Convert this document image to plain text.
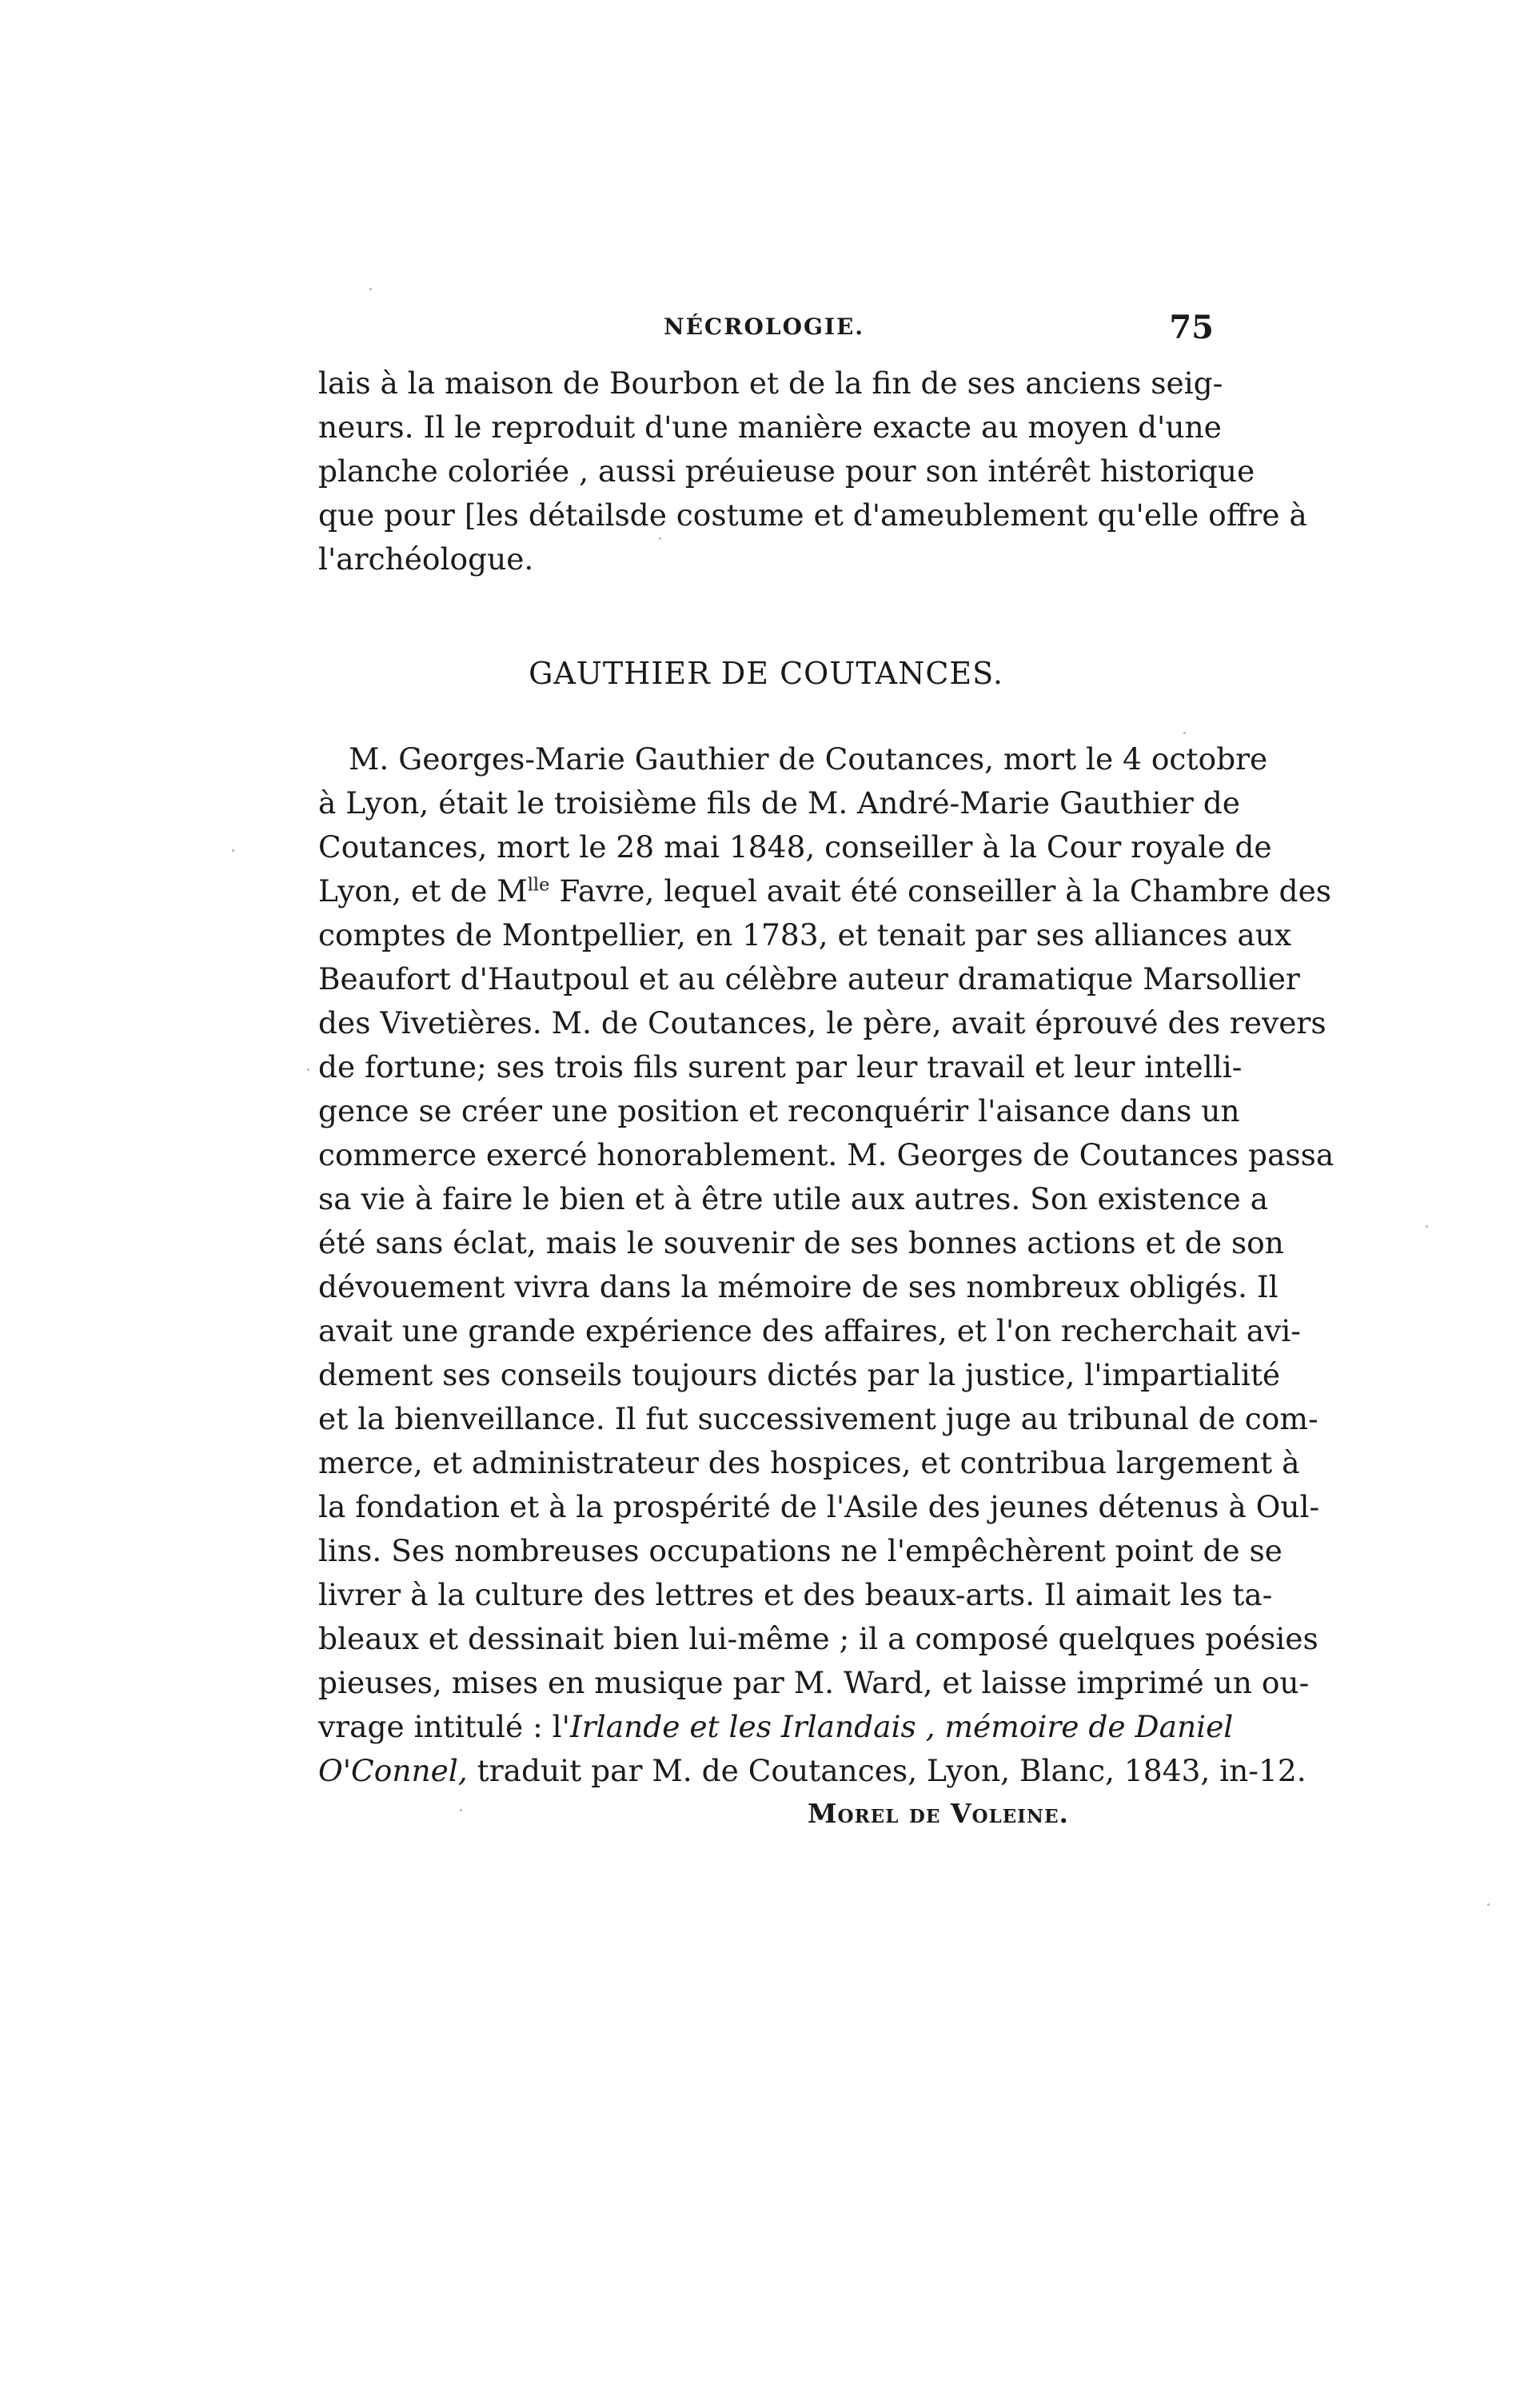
NÉCROLOGIE.	75
lais à la maison de Bourbon et de la fin de ses anciens seig-
neurs. Il le reproduit d'une manière exacte au moyen d'une
planche coloriée , aussi préuieuse pour son intérêt historique
que pour [les détailsde costume et d'ameublement qu'elle offre à
l'archéologue.
GAUTHIER DE COUTANCES.
M. Georges-Marie Gauthier de Coutances, mort le 4 octobre
à Lyon, était le troisième fils de M. André-Marie Gauthier de
Coutances, mort le 28 mai 1848, conseiller à la Cour royale de
Lyon, et de $M^{lle}$ Favre, lequel avait été conseiller à la Chambre des
comptes de Montpellier, en 1783, et tenait par ses alliances aux
Beaufort d'Hautpoul et au célèbre auteur dramatique Marsollier
des Vivetières. M. de Coutances, le père, avait éprouvé des revers
de fortune; ses trois fils surent par leur travail et leur intelli-
gence se créer une position et reconquérir l'aisance dans un
commerce exercé honorablement. M. Georges de Coutances passa
sa vie à faire le bien et à être utile aux autres. Son existence a
été sans éclat, mais le souvenir de ses bonnes actions et de son
dévouement vivra dans la mémoire de ses nombreux obligés. Il
avait une grande expérience des affaires, et l'on recherchait avi-
dement ses conseils toujours dictés par la justice, l'impartialité
et la bienveillance. Il fut successivement juge au tribunal de com-
merce, et administrateur des hospices, et contribua largement à
la fondation et à la prospérité de l'Asile des jeunes détenus à Oul-
lins. Ses nombreuses occupations ne l'empêchèrent point de se
livrer à la culture des lettres et des beaux-arts. Il aimait les ta-
bleaux et dessinait bien lui-même ; il a composé quelques poésies
pieuses, mises en musique par M. Ward, et laisse imprimé un ou-
vrage intitulé : l'Irlande et les Irlandais , mémoire de Daniel
O'Connel, traduit par M. de Coutances, Lyon, Blanc, 1843, in-12.
Morel de Voleine.
